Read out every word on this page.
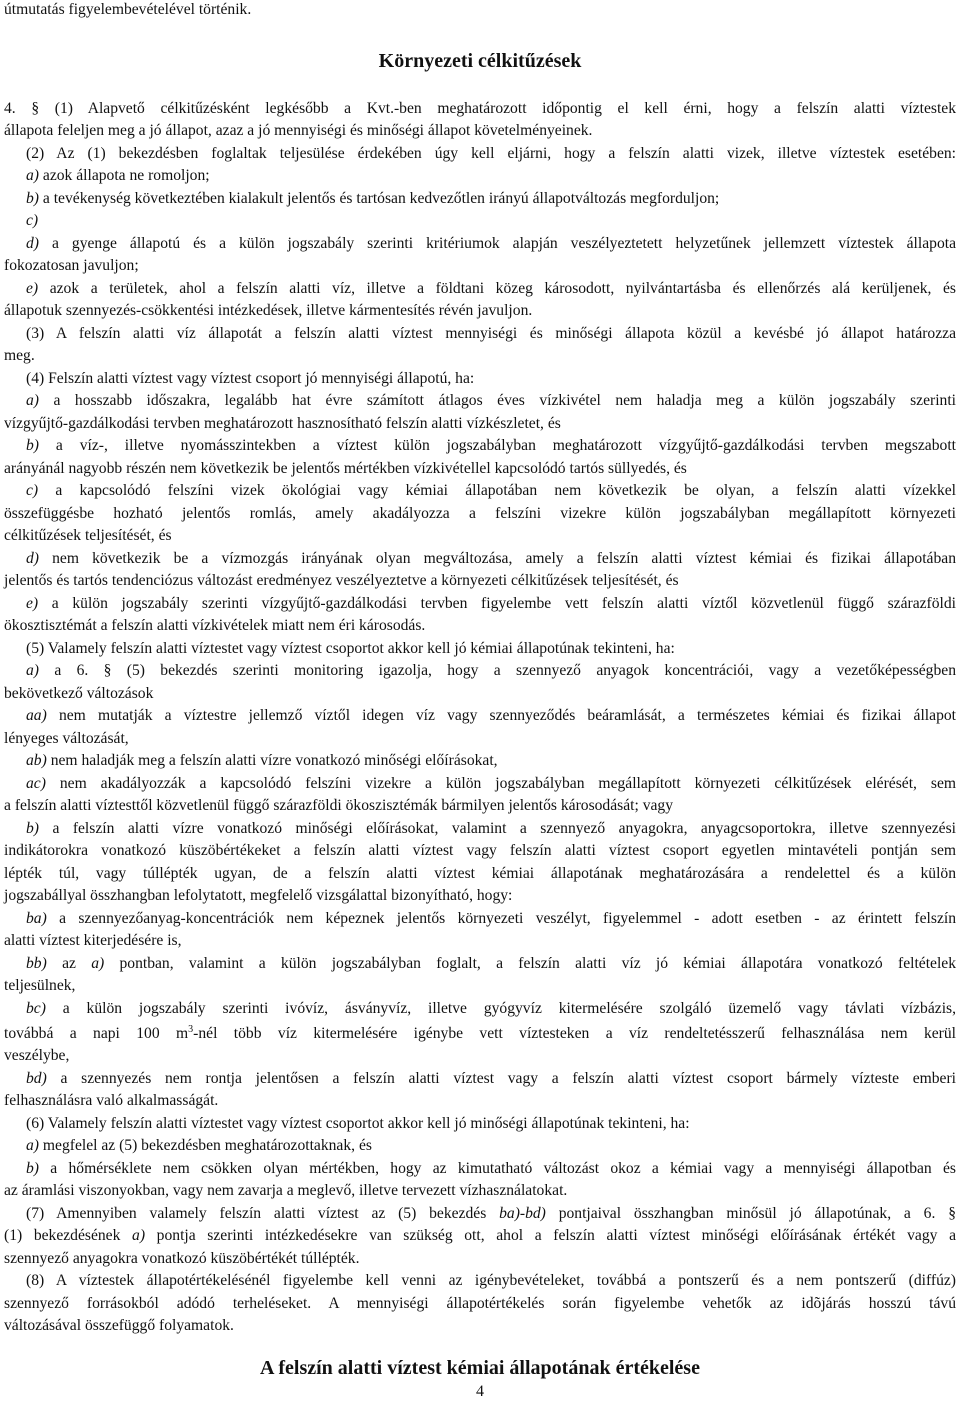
útmutatás figyelembevételével történik.
Környezeti célkitűzések
4. § (1) Alapvető célkitűzésként legkésőbb a Kvt.-ben meghatározott időpontig el kell érni, hogy a felszín alatti víztestek
állapota feleljen meg a jó állapot, azaz a jó mennyiségi és minőségi állapot követelményeinek.
(2) Az (1) bekezdésben foglaltak teljesülése érdekében úgy kell eljárni, hogy a felszín alatti vizek, illetve víztestek esetében:
a) azok állapota ne romoljon;
b) a tevékenység következtében kialakult jelentős és tartósan kedvezőtlen irányú állapotváltozás megforduljon;
c)
d) a gyenge állapotú és a külön jogszabály szerinti kritériumok alapján veszélyeztetett helyzetűnek jellemzett víztestek állapota
fokozatosan javuljon;
e) azok a területek, ahol a felszín alatti víz, illetve a földtani közeg károsodott, nyilvántartásba és ellenőrzés alá kerüljenek, és
állapotuk szennyezés-csökkentési intézkedések, illetve kármentesítés révén javuljon.
(3) A felszín alatti víz állapotát a felszín alatti víztest mennyiségi és minőségi állapota közül a kevésbé jó állapot határozza
meg.
(4) Felszín alatti víztest vagy víztest csoport jó mennyiségi állapotú, ha:
a) a hosszabb időszakra, legalább hat évre számított átlagos éves vízkivétel nem haladja meg a külön jogszabály szerinti
vízgyűjtő-gazdálkodási tervben meghatározott hasznosítható felszín alatti vízkészletet, és
b) a víz-, illetve nyomásszintekben a víztest külön jogszabályban meghatározott vízgyűjtő-gazdálkodási tervben megszabott
arányánál nagyobb részén nem következik be jelentős mértékben vízkivétellel kapcsolódó tartós süllyedés, és
c) a kapcsolódó felszíni vizek ökológiai vagy kémiai állapotában nem következik be olyan, a felszín alatti vízekkel
összefüggésbe hozható jelentős romlás, amely akadályozza a felszíni vizekre külön jogszabályban megállapított környezeti
célkitűzések teljesítését, és
d) nem következik be a vízmozgás irányának olyan megváltozása, amely a felszín alatti víztest kémiai és fizikai állapotában
jelentős és tartós tendenciózus változást eredményez veszélyeztetve a környezeti célkitűzések teljesítését, és
e) a külön jogszabály szerinti vízgyűjtő-gazdálkodási tervben figyelembe vett felszín alatti víztől közvetlenül függő szárazföldi
ökosztisztémát a felszín alatti vízkivételek miatt nem éri károsodás.
(5) Valamely felszín alatti víztestet vagy víztest csoportot akkor kell jó kémiai állapotúnak tekinteni, ha:
a) a 6. § (5) bekezdés szerinti monitoring igazolja, hogy a szennyező anyagok koncentrációi, vagy a vezetőképességben
bekövetkező változások
aa) nem mutatják a víztestre jellemző víztől idegen víz vagy szennyeződés beáramlását, a természetes kémiai és fizikai állapot
lényeges változását,
ab) nem haladják meg a felszín alatti vízre vonatkozó minőségi előírásokat,
ac) nem akadályozzák a kapcsolódó felszíni vizekre a külön jogszabályban megállapított környezeti célkitűzések elérését, sem
a felszín alatti víztesttől közvetlenül függő szárazföldi ökoszisztémák bármilyen jelentős károsodását; vagy
b) a felszín alatti vízre vonatkozó minőségi előírásokat, valamint a szennyező anyagokra, anyagcsoportokra, illetve szennyezési
indikátorokra vonatkozó küszöbértékeket a felszín alatti víztest vagy felszín alatti víztest csoport egyetlen mintavételi pontján sem
lépték túl, vagy túllépték ugyan, de a felszín alatti víztest kémiai állapotának meghatározására a rendelettel és a külön
jogszabállyal összhangban lefolytatott, megfelelő vizsgálattal bizonyítható, hogy:
ba) a szennyezőanyag-koncentrációk nem képeznek jelentős környezeti veszélyt, figyelemmel - adott esetben - az érintett felszín
alatti víztest kiterjedésére is,
bb) az a) pontban, valamint a külön jogszabályban foglalt, a felszín alatti víz jó kémiai állapotára vonatkozó feltételek
teljesülnek,
bc) a külön jogszabály szerinti ivóvíz, ásványvíz, illetve gyógyvíz kitermelésére szolgáló üzemelő vagy távlati vízbázis,
továbbá a napi 100 $m^3$-nél több víz kitermelésére igénybe vett víztesteken a víz rendeltetésszerű felhasználása nem kerül
veszélybe,
bd) a szennyezés nem rontja jelentősen a felszín alatti víztest vagy a felszín alatti víztest csoport bármely vízteste emberi
felhasználásra való alkalmasságát.
(6) Valamely felszín alatti víztestet vagy víztest csoportot akkor kell jó minőségi állapotúnak tekinteni, ha:
a) megfelel az (5) bekezdésben meghatározottaknak, és
b) a hőmérséklete nem csökken olyan mértékben, hogy az kimutatható változást okoz a kémiai vagy a mennyiségi állapotban és
az áramlási viszonyokban, vagy nem zavarja a meglevő, illetve tervezett vízhasználatokat.
(7) Amennyiben valamely felszín alatti víztest az (5) bekezdés ba)-bd) pontjaival összhangban minősül jó állapotúnak, a 6. §
(1) bekezdésének a) pontja szerinti intézkedésekre van szükség ott, ahol a felszín alatti víztest minőségi előírásának értékét vagy a
szennyező anyagokra vonatkozó küszöbértékét túllépték.
(8) A víztestek állapotértékelésénél figyelembe kell venni az igénybevételeket, továbbá a pontszerű és a nem pontszerű (diffúz)
szennyező forrásokból adódó terheléseket. A mennyiségi állapotértékelés során figyelembe vehetők az idõjárás hosszú távú
változásával összefüggő folyamatok.
A felszín alatti víztest kémiai állapotának értékelése
4
